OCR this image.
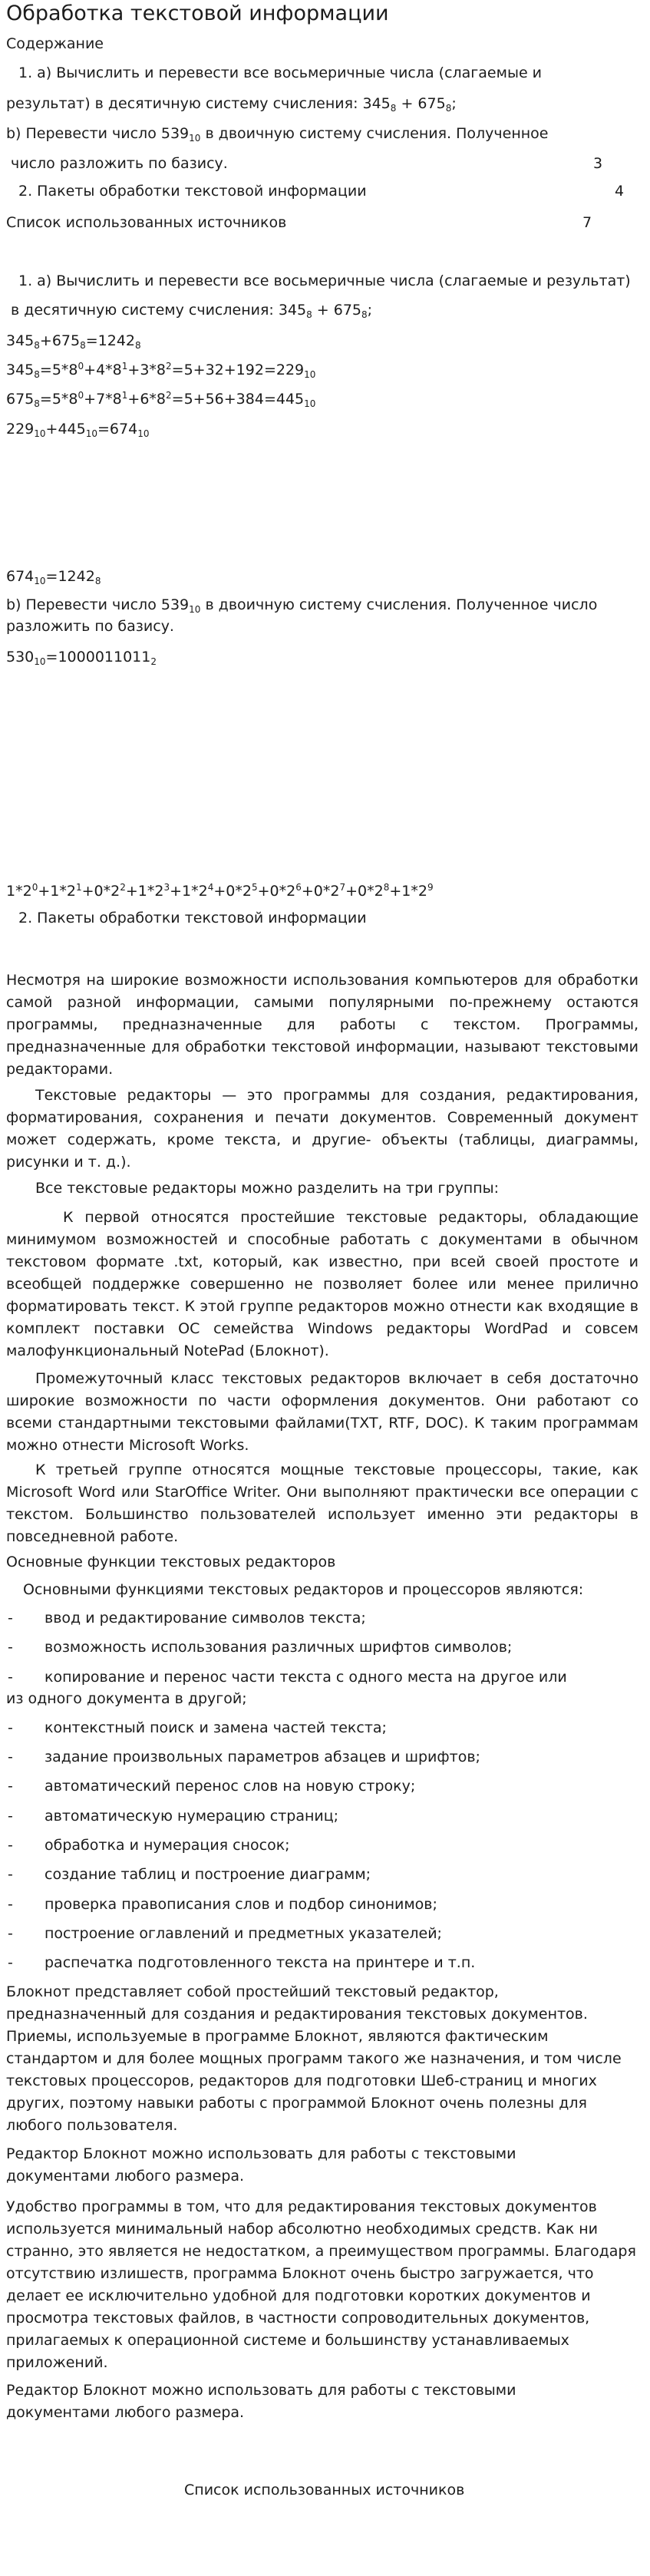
Обработка текстовой информации
Содержание
1. а) Вычислить и перевести все восьмеричные числа (слагаемые и
результат) в десятичную систему счисления: $345_8 + 675_8$;
b) Перевести число $539_{10}$ в двоичную систему счисления. Полученное
число разложить по базису.	3
2. Пакеты обработки текстовой информации	4
Список использованных источников	7
1. а) Вычислить и перевести все восьмеричные числа (слагаемые и результат)
в десятичную систему счисления: $345_8 + 675_8$;
$345_8+675_8=1242_8$
$345_8=5*8^0+4*8^1+3*8^2=5+32+192=229_{10}$
$675_8=5*8^0+7*8^1+6*8^2=5+56+384=445_{10}$
$229_{10}+445_{10}=674_{10}$
$674_{10}=1242_8$
b) Перевести число $539_{10}$ в двоичную систему счисления. Полученное число
разложить по базису.
$530_{10}=1000011011_2$
$1*2^0+1*2^1+0*2^2+1*2^3+1*2^4+0*2^5+0*2^6+0*2^7+0*2^8+1*2^9$
2. Пакеты обработки текстовой информации
Несмотря на широкие возможности использования компьютеров для обработки самой разной информации, самыми популярными по-прежнему остаются программы, предназначенные для работы с текстом. Программы, предназначенные для обработки текстовой информации, называют текстовыми редакторами.
Текстовые редакторы — это программы для создания, редактирования, форматирования, сохранения и печати документов. Современный документ может содержать, кроме текста, и другие- объекты (таблицы, диаграммы, рисунки и т. д.).
Все текстовые редакторы можно разделить на три группы:
К первой относятся простейшие текстовые редакторы, обладающие минимумом возможностей и способные работать с документами в обычном текстовом формате .txt, который, как известно, при всей своей простоте и всеобщей поддержке совершенно не позволяет более или менее прилично форматировать текст. К этой группе редакторов можно отнести как входящие в комплект поставки ОС семейства Windows редакторы WordPad и совсем малофункциональный NotePad (Блокнот).
Промежуточный класс текстовых редакторов включает в себя достаточно широкие возможности по части оформления документов. Они работают со всеми стандартными текстовыми файлами(TXT, RTF, DOC). К таким программам можно отнести Microsoft Works.
К третьей группе относятся мощные текстовые процессоры, такие, как Microsoft Word или StarOffice Writer. Они выполняют практически все операции с текстом. Большинство пользователей использует именно эти редакторы в повседневной работе.
Основные функции текстовых редакторов
Основными функциями текстовых редакторов и процессоров являются:
- ввод и редактирование символов текста;
- возможность использования различных шрифтов символов;
- копирование и перенос части текста с одного места на другое или
из одного документа в другой;
- контекстный поиск и замена частей текста;
- задание произвольных параметров абзацев и шрифтов;
- автоматический перенос слов на новую строку;
- автоматическую нумерацию страниц;
- обработка и нумерация сносок;
- создание таблиц и построение диаграмм;
- проверка правописания слов и подбор синонимов;
- построение оглавлений и предметных указателей;
- распечатка подготовленного текста на принтере и т.п.
Блокнот представляет собой простейший текстовый редактор, предназначенный для создания и редактирования текстовых документов. Приемы, используемые в программе Блокнот, являются фактическим стандартом и для более мощных программ такого же назначения, и том числе текстовых процессоров, редакторов для подготовки Шеб-страниц и многих других, поэтому навыки работы с программой Блокнот очень полезны для любого пользователя.
Редактор Блокнот можно использовать для работы с текстовыми документами любого размера.
Удобство программы в том, что для редактирования текстовых документов используется минимальный набор абсолютно необходимых средств. Как ни странно, это является не недостатком, а преимуществом программы. Благодаря отсутствию излишеств, программа Блокнот очень быстро загружается, что делает ее исключительно удобной для подготовки коротких документов и просмотра текстовых файлов, в частности сопроводительных документов, прилагаемых к операционной системе и большинству устанавливаемых приложений.
Редактор Блокнот можно использовать для работы с текстовыми документами любого размера.
Список использованных источников
